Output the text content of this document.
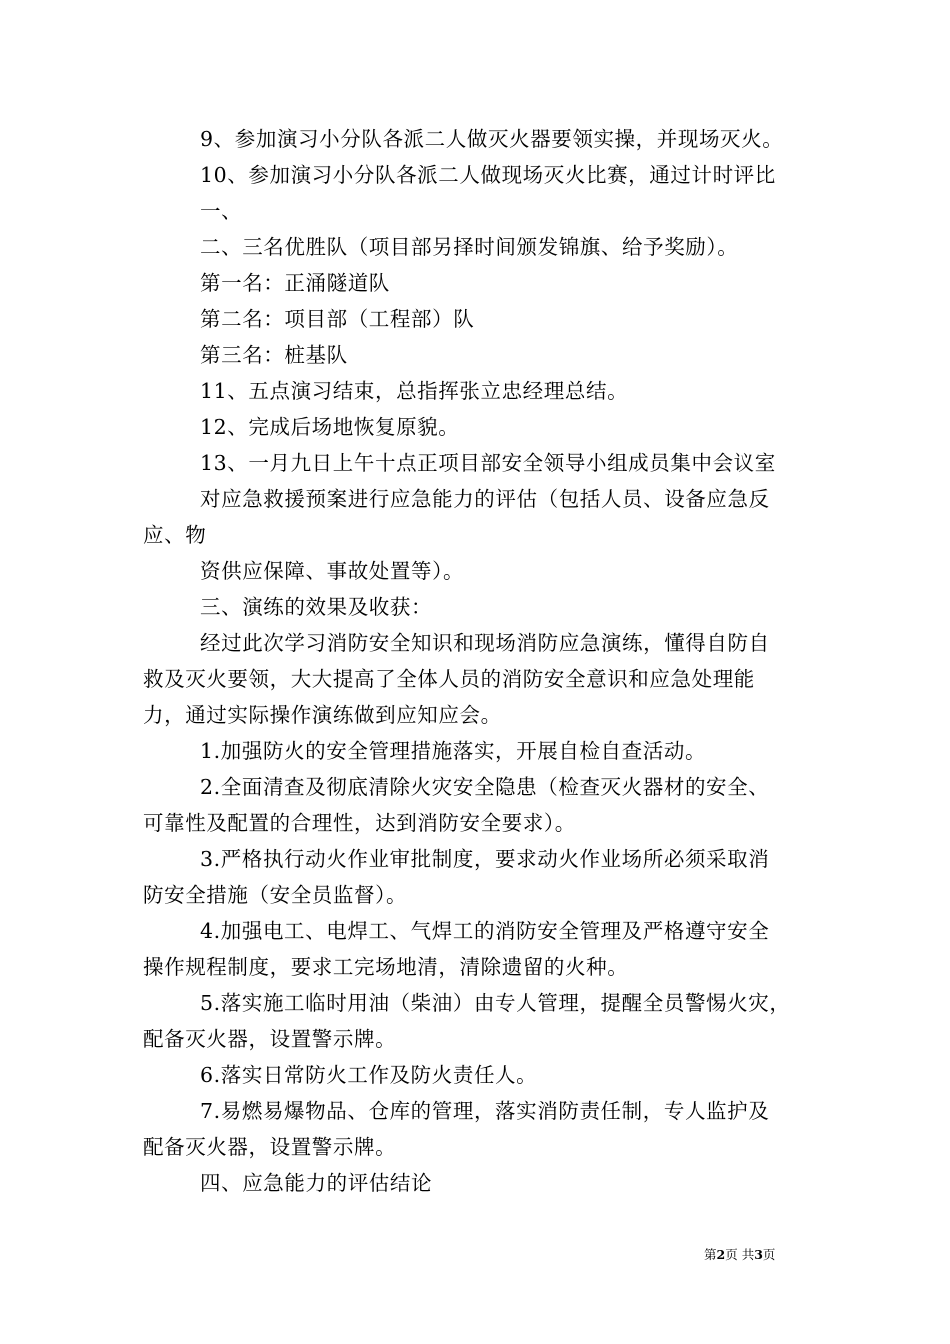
9、参加演习小分队各派二人做灭火器要领实操，并现场灭火。
10、参加演习小分队各派二人做现场灭火比赛，通过计时评比
一、
二、三名优胜队（项目部另择时间颁发锦旗、给予奖励）。
第一名：正涌隧道队
第二名：项目部（工程部）队
第三名：桩基队
11、五点演习结束，总指挥张立忠经理总结。
12、完成后场地恢复原貌。
13、一月九日上午十点正项目部安全领导小组成员集中会议室
对应急救援预案进行应急能力的评估（包括人员、设备应急反
应、物
资供应保障、事故处置等）。
三、演练的效果及收获：
经过此次学习消防安全知识和现场消防应急演练，懂得自防自
救及灭火要领，大大提高了全体人员的消防安全意识和应急处理能
力，通过实际操作演练做到应知应会。
1.加强防火的安全管理措施落实，开展自检自查活动。
2.全面清查及彻底清除火灾安全隐患（检查灭火器材的安全、
可靠性及配置的合理性，达到消防安全要求）。
3.严格执行动火作业审批制度，要求动火作业场所必须采取消
防安全措施（安全员监督）。
4.加强电工、电焊工、气焊工的消防安全管理及严格遵守安全
操作规程制度，要求工完场地清，清除遗留的火种。
5.落实施工临时用油（柴油）由专人管理，提醒全员警惕火灾，
配备灭火器，设置警示牌。
6.落实日常防火工作及防火责任人。
7.易燃易爆物品、仓库的管理，落实消防责任制，专人监护及
配备灭火器，设置警示牌。
四、应急能力的评估结论
第2页 共3页
